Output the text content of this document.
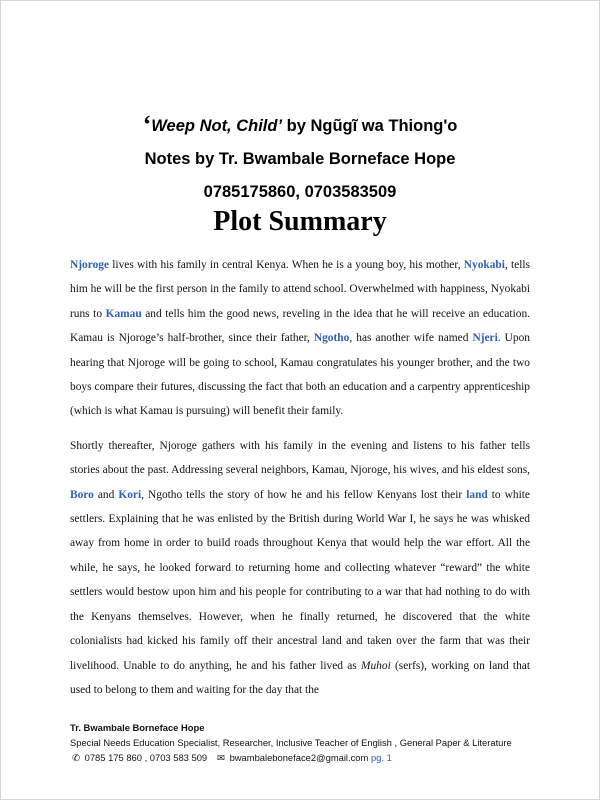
‘Weep Not, Child’ by Ngũgĩ wa Thiong'o
Notes by Tr. Bwambale Borneface Hope
0785175860, 0703583509
Plot Summary

Njoroge lives with his family in central Kenya. When he is a young boy, his mother, Nyokabi, tells him he will be the first person in the family to attend school. Overwhelmed with happiness, Nyokabi runs to Kamau and tells him the good news, reveling in the idea that he will receive an education. Kamau is Njoroge’s half-brother, since their father, Ngotho, has another wife named Njeri. Upon hearing that Njoroge will be going to school, Kamau congratulates his younger brother, and the two boys compare their futures, discussing the fact that both an education and a carpentry apprenticeship (which is what Kamau is pursuing) will benefit their family.

Shortly thereafter, Njoroge gathers with his family in the evening and listens to his father tells stories about the past. Addressing several neighbors, Kamau, Njoroge, his wives, and his eldest sons, Boro and Kori, Ngotho tells the story of how he and his fellow Kenyans lost their land to white settlers. Explaining that he was enlisted by the British during World War I, he says he was whisked away from home in order to build roads throughout Kenya that would help the war effort. All the while, he says, he looked forward to returning home and collecting whatever “reward” the white settlers would bestow upon him and his people for contributing to a war that had nothing to do with the Kenyans themselves. However, when he finally returned, he discovered that the white colonialists had kicked his family off their ancestral land and taken over the farm that was their livelihood. Unable to do anything, he and his father lived as Muhoi (serfs), working on land that used to belong to them and waiting for the day that the

Tr. Bwambale Borneface Hope
Special Needs Education Specialist, Researcher, Inclusive Teacher of English , General Paper & Literature
✆ 0785 175 860 , 0703 583 509 ✉ bwambaleboneface2@gmail.com pg. 1
